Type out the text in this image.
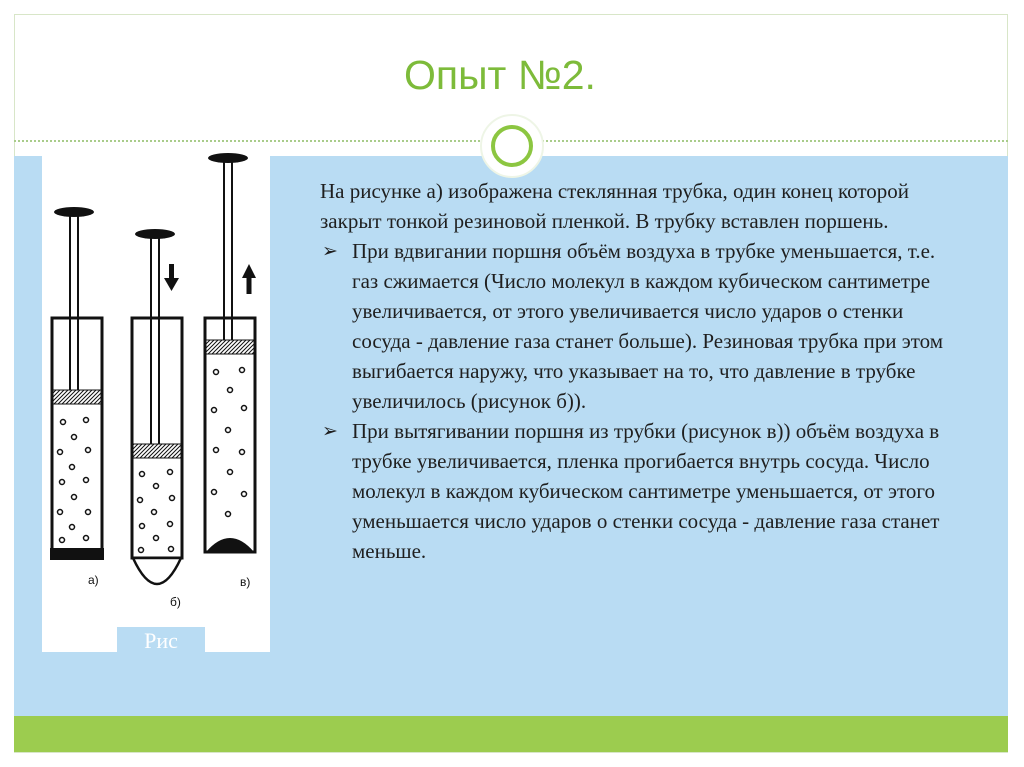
Опыт №2.
а)
б)
в)
Рис

На рисунке а) изображена стеклянная трубка, один конец которой закрыт тонкой резиновой пленкой. В трубку вставлен поршень.

➢ При вдвигании поршня объём воздуха в трубке уменьшается, т.е. газ сжимается (Число молекул в каждом кубическом сантиметре увеличивается, от этого увеличивается число ударов о стенки сосуда - давление газа станет больше). Резиновая трубка при этом выгибается наружу, что указывает на то, что давление в трубке увеличилось (рисунок б)).

➢ При вытягивании поршня из трубки (рисунок в)) объём воздуха в трубке увеличивается, пленка прогибается внутрь сосуда. Число молекул в каждом кубическом сантиметре уменьшается, от этого уменьшается число ударов о стенки сосуда - давление газа станет меньше.
